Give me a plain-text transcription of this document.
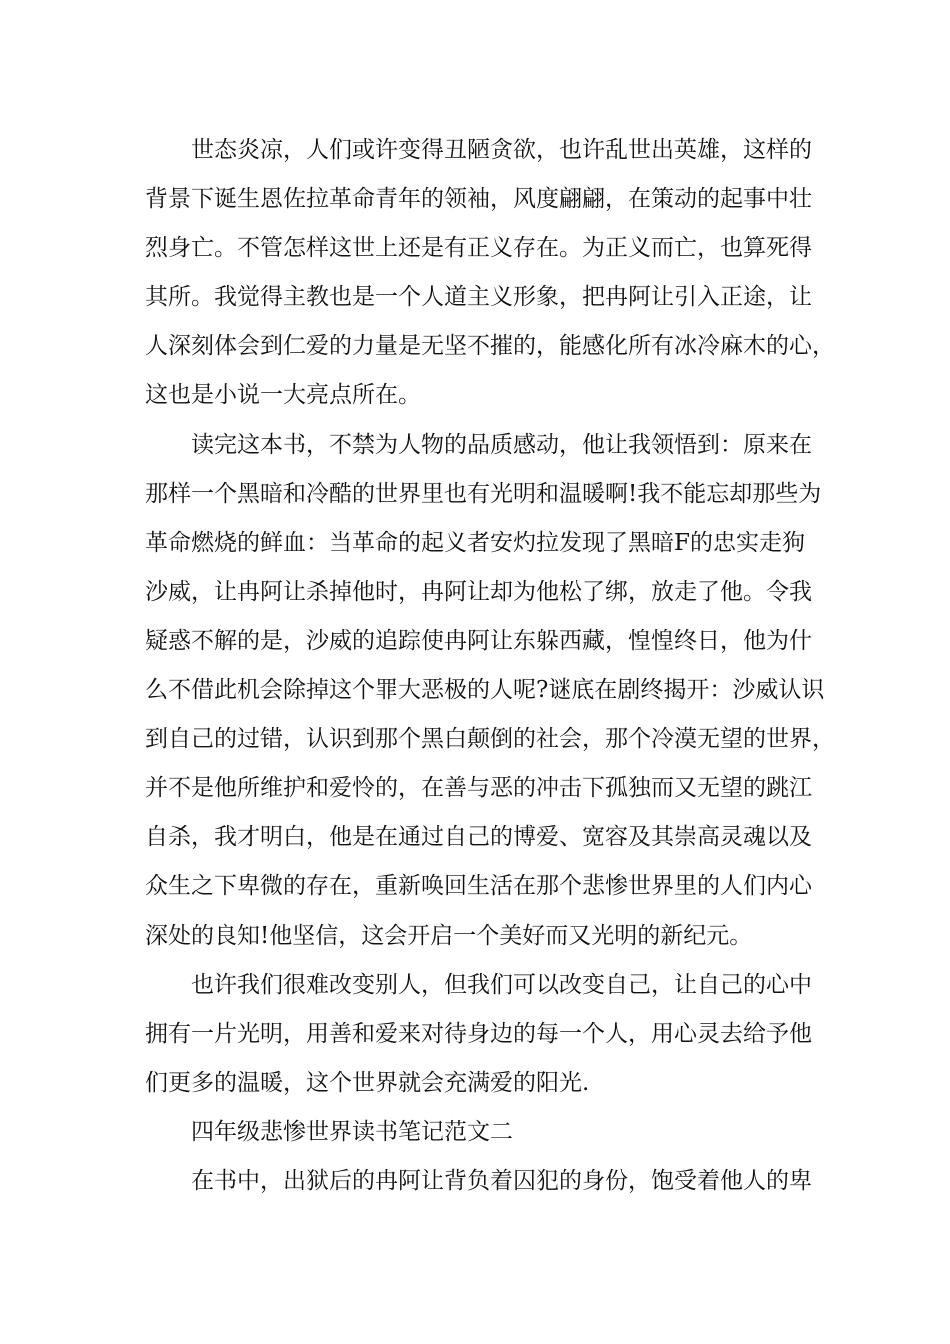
世态炎凉，人们或许变得丑陋贪欲，也许乱世出英雄，这样的
背景下诞生恩佐拉革命青年的领袖，风度翩翩，在策动的起事中壮
烈身亡。不管怎样这世上还是有正义存在。为正义而亡，也算死得
其所。我觉得主教也是一个人道主义形象，把冉阿让引入正途，让
人深刻体会到仁爱的力量是无坚不摧的，能感化所有冰冷麻木的心，
这也是小说一大亮点所在。
读完这本书，不禁为人物的品质感动，他让我领悟到：原来在
那样一个黑暗和冷酷的世界里也有光明和温暖啊!我不能忘却那些为
革命燃烧的鲜血：当革命的起义者安灼拉发现了黑暗F的忠实走狗
沙威，让冉阿让杀掉他时，冉阿让却为他松了绑，放走了他。令我
疑惑不解的是，沙威的追踪使冉阿让东躲西藏，惶惶终日，他为什
么不借此机会除掉这个罪大恶极的人呢?谜底在剧终揭开：沙威认识
到自己的过错，认识到那个黑白颠倒的社会，那个冷漠无望的世界，
并不是他所维护和爱怜的，在善与恶的冲击下孤独而又无望的跳江
自杀，我才明白，他是在通过自己的博爱、宽容及其崇高灵魂以及
众生之下卑微的存在，重新唤回生活在那个悲惨世界里的人们内心
深处的良知!他坚信，这会开启一个美好而又光明的新纪元。
也许我们很难改变别人，但我们可以改变自己，让自己的心中
拥有一片光明，用善和爱来对待身边的每一个人，用心灵去给予他
们更多的温暖，这个世界就会充满爱的阳光.
四年级悲惨世界读书笔记范文二
在书中，出狱后的冉阿让背负着囚犯的身份，饱受着他人的卑
